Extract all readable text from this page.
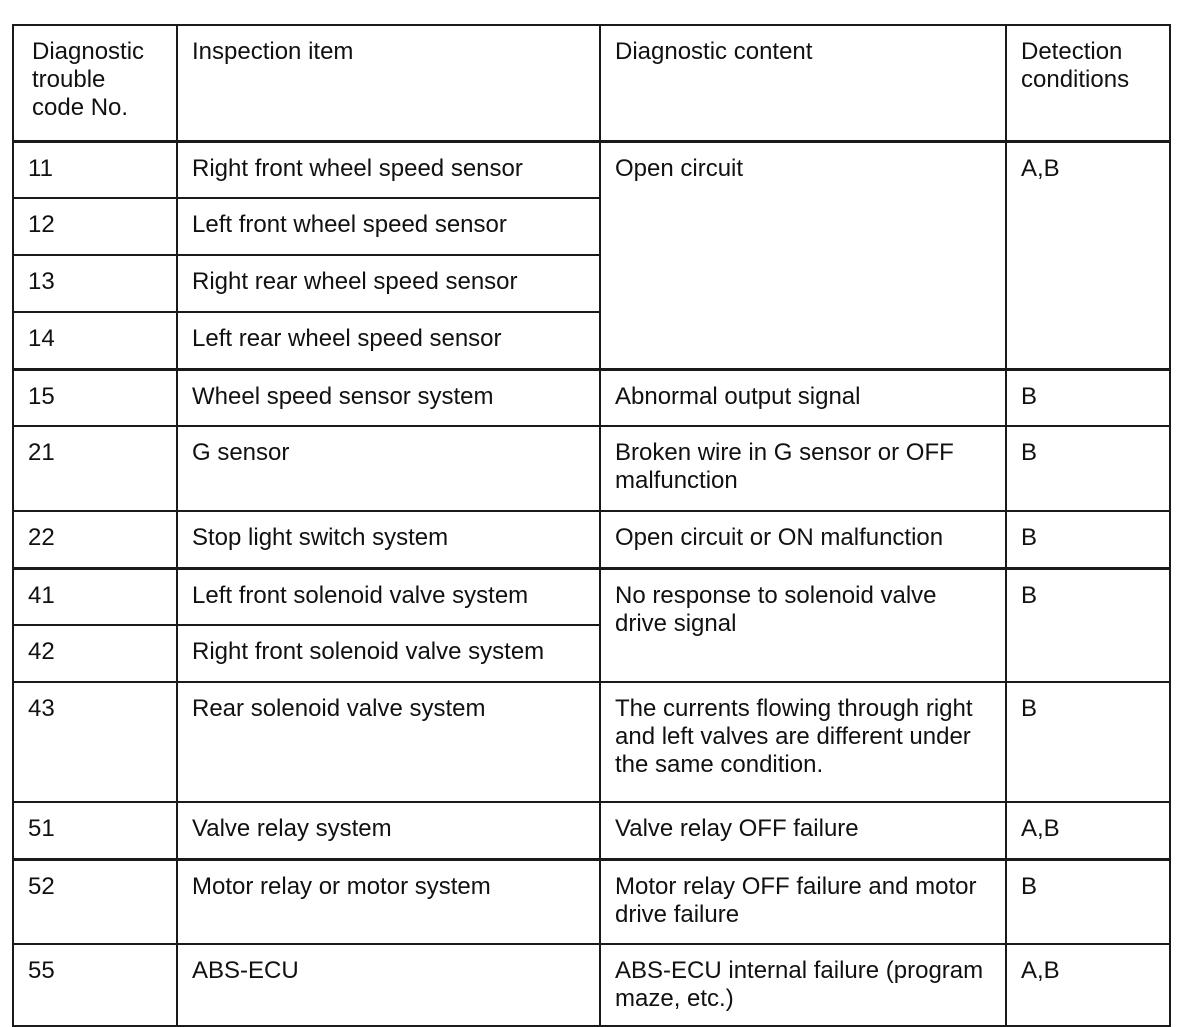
Diagnostic trouble code No.	Inspection item	Diagnostic content	Detection conditions
11	Right front wheel speed sensor	Open circuit	A,B
12	Left front wheel speed sensor		
13	Right rear wheel speed sensor		
14	Left rear wheel speed sensor		
15	Wheel speed sensor system	Abnormal output signal	B
21	G sensor	Broken wire in G sensor or OFF malfunction	B
22	Stop light switch system	Open circuit or ON malfunction	B
41	Left front solenoid valve system	No response to solenoid valve drive signal	B
42	Right front solenoid valve system		
43	Rear solenoid valve system	The currents flowing through right and left valves are different under the same condition.	B
51	Valve relay system	Valve relay OFF failure	A,B
52	Motor relay or motor system	Motor relay OFF failure and motor drive failure	B
55	ABS-ECU	ABS-ECU internal failure (program maze, etc.)	A,B
